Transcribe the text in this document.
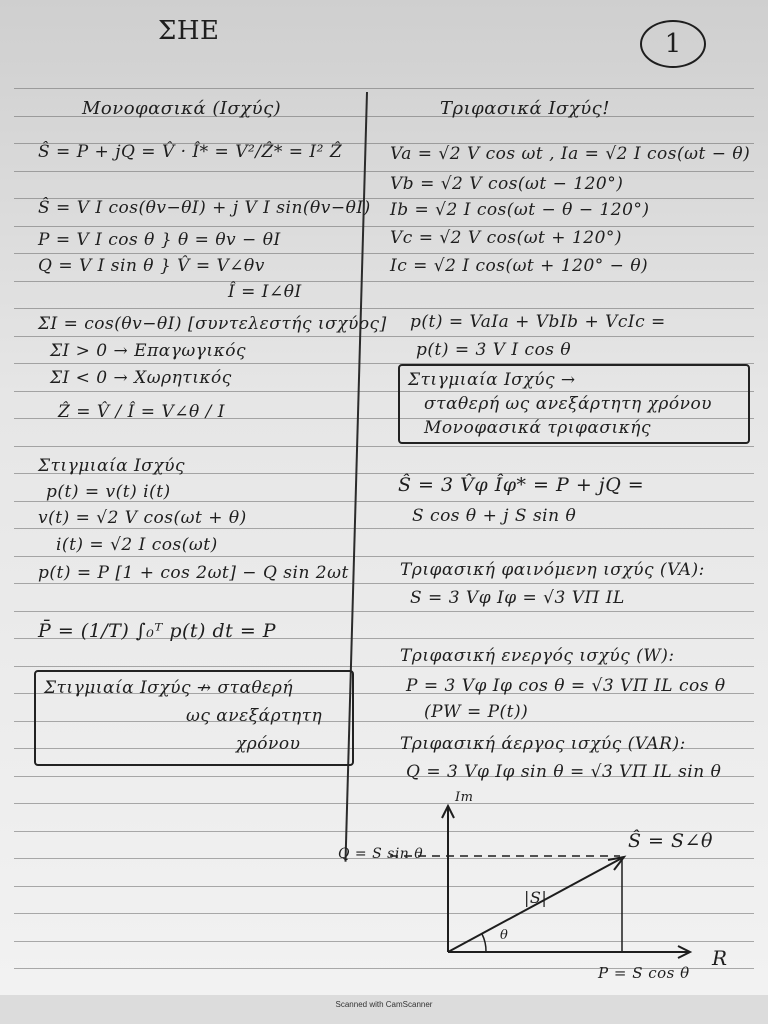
ΣΗΕ	1
Μονοφασικά (Ισχύς)	Τριφασικά Ισχύς!
Ŝ = P + jQ = V̂ · Î* = V²/Ẑ* = I² Ẑ
Ŝ = V I cos(θv−θI) + j V I sin(θv−θI)
P = V I cos θ } θ = θv − θI
Q = V I sin θ } V̂ = V∠θv
Î = I∠θI
ΣΙ = cos(θv−θI) [συντελεστής ισχύος]
ΣΙ > 0 → Επαγωγικός
ΣΙ < 0 → Χωρητικός
Ẑ = V̂ / Î = V∠θ / I
Στιγμιαία Ισχύς
p(t) = v(t) i(t)
v(t) = √2 V cos(ωt + θ)
i(t) = √2 I cos(ωt)
p(t) = P [1 + cos 2ωt] − Q sin 2ωt
P̄ = (1/T) ∫₀ᵀ p(t) dt = P
Στιγμιαία Ισχύς ↛ σταθερή
ως ανεξάρτητη
χρόνου
Va = √2 V cos ωt , Ia = √2 I cos(ωt − θ)
Vb = √2 V cos(ωt − 120°)
Ib = √2 I cos(ωt − θ − 120°)
Vc = √2 V cos(ωt + 120°)
Ic = √2 I cos(ωt + 120° − θ)
p(t) = VaIa + VbIb + VcIc =
p(t) = 3 V I cos θ
Στιγμιαία Ισχύς →
σταθερή ως ανεξάρτητη χρόνου
Μονοφασικά τριφασικής
Ŝ = 3 V̂φ Îφ* = P + jQ =
S cos θ + j S sin θ
Τριφασική φαινόμενη ισχύς (VA):
S = 3 Vφ Iφ = √3 VΠ IL
Τριφασική ενεργός ισχύς (W):
P = 3 Vφ Iφ cos θ = √3 VΠ IL cos θ
(PW = P(t))
Τριφασική άεργος ισχύς (VAR):
Q = 3 Vφ Iφ sin θ = √3 VΠ IL sin θ
Im
R
Q = S sin θ
Ŝ = S∠θ
|S|
θ
P = S cos θ
Scanned with CamScanner
